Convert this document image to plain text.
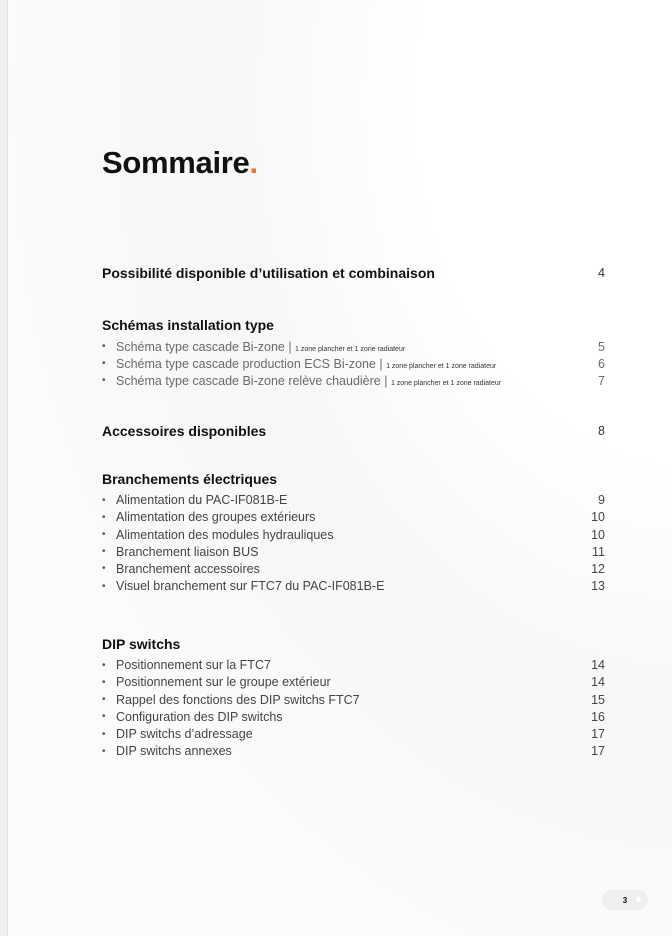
Sommaire.
Possibilité disponible d’utilisation et combinaison	4
Schémas installation type
• Schéma type cascade Bi-zone | 1 zone plancher et 1 zone radiateur	5
• Schéma type cascade production ECS Bi-zone | 1 zone plancher et 1 zone radiateur	6
• Schéma type cascade Bi-zone relève chaudière | 1 zone plancher et 1 zone radiateur	7
Accessoires disponibles	8
Branchements électriques
• Alimentation du PAC-IF081B-E	9
• Alimentation des groupes extérieurs	10
• Alimentation des modules hydrauliques	10
• Branchement liaison BUS	11
• Branchement accessoires	12
• Visuel branchement sur FTC7 du PAC-IF081B-E	13
DIP switchs
• Positionnement sur la FTC7	14
• Positionnement sur le groupe extérieur	14
• Rappel des fonctions des DIP switchs FTC7	15
• Configuration des DIP switchs	16
• DIP switchs d’adressage	17
• DIP switchs annexes	17
3
